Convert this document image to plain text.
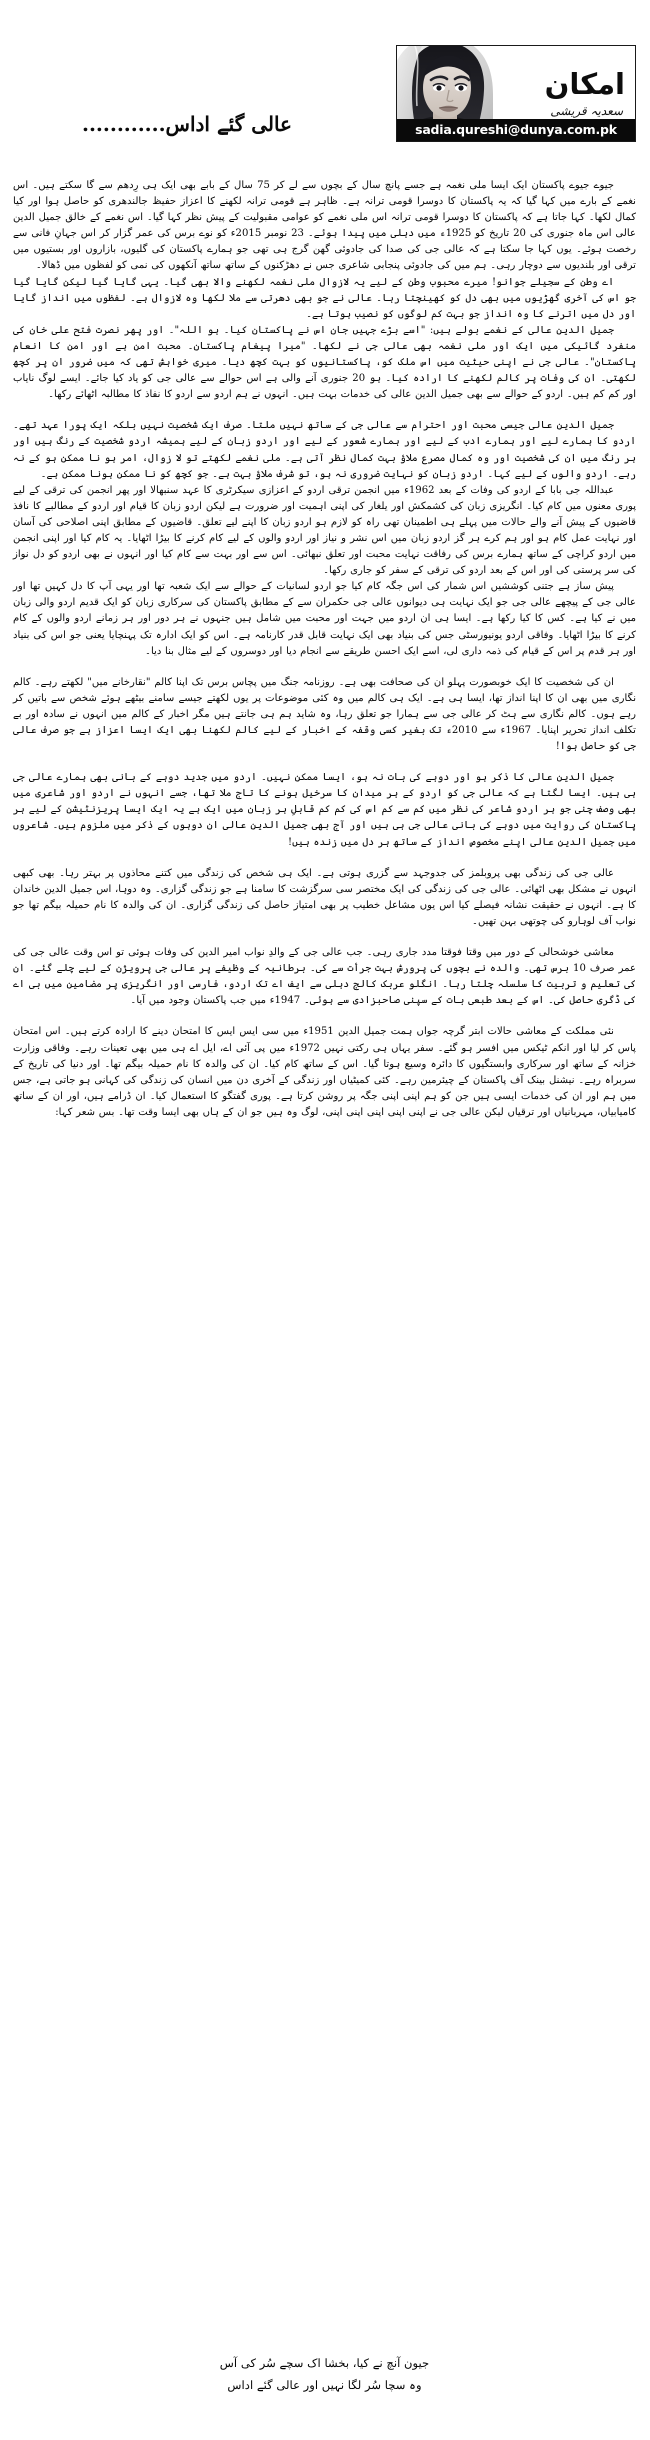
امکان
سعدیہ قریشی
sadia.qureshi@dunya.com.pk
عالی گئے اداس............

جیوے جیوے پاکستان ایک ایسا ملی نغمہ ہے جسے پانچ سال کے بچوں سے لے کر 75 سال کے بابے بھی ایک ہی رِدھم سے گا سکتے ہیں۔ اس نغمے کے بارے میں کہا گیا کہ یہ پاکستان کا دوسرا قومی ترانہ ہے۔ ظاہر ہے قومی ترانہ لکھنے کا اعزاز حفیظ جالندھری کو حاصل ہوا اور کیا کمال لکھا۔ کہا جاتا ہے کہ پاکستان کا دوسرا قومی ترانہ اس ملی نغمے کو عوامی مقبولیت کے پیش نظر کہا گیا۔ اس نغمے کے خالق جمیل الدین عالی اس ماہ جنوری کی 20 تاریخ کو 1925ء میں دہلی میں پیدا ہوئے۔ 23 نومبر 2015ء کو نوے برس کی عمر گزار کر اس جہانِ فانی سے رخصت ہوئے۔ یوں کہا جا سکتا ہے کہ عالی جی کی صدا کی جادوئی گھن گرج ہی تھی جو ہمارے پاکستان کی گلیوں، بازاروں اور بستیوں میں ترقی اور بلندیوں سے دوچار رہی۔ ہم میں کی جادوئی پنجابی شاعری جس نے دھڑکنوں کے ساتھ ساتھ آنکھوں کی نمی کو لفظوں میں ڈھالا۔

اے وطن کے سجیلے جوانو! میرے محبوب وطن کے لیے یہ لازوال ملی نغمہ لکھنے والا بھی گیا۔ یہی گایا گیا لیکن گایا گیا جو اس کی آخری گھڑیوں میں بھی دل کو کھینچتا رہا۔ عالی نے جو بھی دھرتی سے ملا لکھا وہ لازوال ہے۔ لفظوں میں انداز گایا اور دل میں اترنے کا وہ انداز جو بہت کم لوگوں کو نصیب ہوتا ہے۔

جمیل الدین عالی کے نغمے بولے ہیں: "اسے بڑے جہیں جان اس نے پاکستان کیا۔ ہو اللہ"۔ اور پھر نصرت فتح علی خان کی منفرد گائیکی میں ایک اور ملی نغمہ بھی عالی جی نے لکھا۔ "میرا پیغام پاکستان۔ محبت امن ہے اور امن کا انعام پاکستان"۔ عالی جی نے اپنی حیثیت میں اس ملک کو، پاکستانیوں کو بہت کچھ دیا۔ میری خواہش تھی کہ میں ضرور ان پر کچھ لکھتی۔ ان کی وفات پر کالم لکھنے کا ارادہ کیا۔ ہو 20 جنوری آنے والی ہے اس حوالے سے عالی جی کو یاد کیا جائے۔ ایسے لوگ نایاب اور کم کم ہیں۔ اردو کے حوالے سے بھی جمیل الدین عالی کی خدمات بہت ہیں۔ انہوں نے ہم اردو سے اردو کا نفاذ کا مطالبہ اٹھائے رکھا۔

جمیل الدین عالی جیسی محبت اور احترام سے عالی جی کے ساتھ نہیں ملتا۔ صرف ایک شخصیت نہیں بلکہ ایک پورا عہد تھے۔ اردو کا ہمارے لیے اور ہمارے ادب کے لیے اور ہمارے شعور کے لیے اور اردو زبان کے لیے ہمیشہ اردو شخصیت کے رنگ ہیں اور ہر رنگ میں ان کی شخصیت اور وہ کمال مصرع ملاؤ بہت کمال نظر آتی ہے۔ ملی نغمے لکھتے تو لا زوال، امر ہو نا ممکن ہو کے نہ رہے۔ اردو والوں کے لیے کہا۔ اردو زبان کو نہایت ضروری نہ ہو، تو شرف ملاؤ بہت ہے۔ جو کچھ کو نا ممکن ہونا ممکن ہے۔

عبداللہ جی بابا کے اردو کی وفات کے بعد 1962ء میں انجمن ترقی اردو کے اعزازی سیکرٹری کا عہد سنبھالا اور پھر انجمن کی ترقی کے لیے پوری معنوں میں کام کیا۔ انگریزی زبان کی کشمکش اور یلغار کی اپنی اہمیت اور ضرورت ہے لیکن اردو زبان کا قیام اور اردو کے مطالبے کا نافذ قاضیوں کے پیش آنے والے حالات میں پہلے ہی اطمینان تھی راہ کو لازم ہو اردو زبان کا اپنے لیے تعلق۔ قاضیوں کے مطابق اپنی اصلاحی کی آسان اور نہایت عمل کام ہو اور ہم کرے ہر گز اردو زبان میں اس نشر و نیاز اور اردو والوں کے لیے کام کرنے کا بیڑا اٹھایا۔ یہ کام کیا اور اپنی انجمن میں اردو کراچی کے ساتھ ہمارے برس کی رفاقت نہایت محبت اور تعلق نبھائی۔ اس سے اور بہت سے کام کیا اور انہوں نے بھی اردو کو دل نواز کی سر پرستی کی اور اس کے بعد اردو کی ترقی کے سفر کو جاری رکھا۔

پیش ساز ہے جتنی کوششیں اس شمار کی اس جگہ کام کیا جو اردو لسانیات کے حوالے سے ایک شعبہ تھا اور یہی آپ کا دل کہیں تھا اور عالی جی کے پیچھے عالی جی جو ایک نہایت ہی دیوانوں عالی جی حکمران سے کے مطابق پاکستان کی سرکاری زبان کو ایک قدیم اردو والی زبان میں نے کیا ہے۔ کس کا کیا رکھا ہے۔ ایسا ہی ان اردو میں جہت اور محبت میں شامل ہیں جنہوں نے ہر دور اور ہر زمانے اردو والوں کے کام کرنے کا بیڑا اٹھایا۔ وفاقی اردو یونیورسٹی جس کی بنیاد بھی ایک نہایت قابل قدر کارنامہ ہے۔ اس کو ایک ادارہ تک پہنچایا یعنی جو اس کی بنیاد اور ہر قدم پر اس کے قیام کی ذمہ داری لی، اسے ایک احسن طریقے سے انجام دیا اور دوسروں کے لیے مثال بنا دیا۔

ان کی شخصیت کا ایک خوبصورت پہلو ان کی صحافت بھی ہے۔ روزنامہ جنگ میں پچاس برس تک اپنا کالم "نقارخانے میں" لکھتے رہے۔ کالم نگاری میں بھی ان کا اپنا انداز تھا، ایسا ہی ہے۔ ایک ہی کالم میں وہ کئی موضوعات پر یوں لکھتے جیسے سامنے بیٹھے ہوئے شخص سے باتیں کر رہے ہوں۔ کالم نگاری سے ہٹ کر عالی جی سے ہمارا جو تعلق رہا، وہ شاید ہم ہی جانتے ہیں مگر اخبار کے کالم میں انہوں نے سادہ اور بے تکلف انداز تحریر اپنایا۔ 1967ء سے 2010ء تک بغیر کسی وقفہ کے اخبار کے لیے کالم لکھنا بھی ایک ایسا اعزاز ہے جو صرف عالی جی کو حاصل ہوا!

جمیل الدین عالی کا ذکر ہو اور دوہے کی بات نہ ہو، ایسا ممکن نہیں۔ اردو میں جدید دوہے کے بانی بھی ہمارے عالی جی ہی ہیں۔ ایسا لگتا ہے کہ عالی جی کو اردو کے ہر میدان کا سرخیل ہونے کا تاج ملا تھا، جسے انہوں نے اردو اور شاعری میں بھی وصف چنی جو ہر اردو شاعر کی نظر میں کم سے کم اس کی کم کم قابلِ ہر زبان میں ایک ہے یہ ایک ایسا پریزنٹیشن کے لیے ہر پاکستان کی روایت میں دوہے کی بانی عالی جی ہی ہیں اور آج بھی جمیل الدین عالی ان دوہوں کے ذکر میں ملزوم ہیں۔ شاعروں میں جمیل الدین عالی اپنے مخصوص انداز کے ساتھ ہر دل میں زندہ ہیں!

عالی جی کی زندگی بھی پروبلمز کی جدوجہد سے گزری ہوتی ہے۔ ایک ہی شخص کی زندگی میں کتنے محاذوں پر بہتر رہا۔ بھی کبھی انہوں نے مشکل بھی اٹھائی۔ عالی جی کی زندگی کی ایک مختصر سی سرگزشت کا سامنا ہے جو زندگی گزاری۔ وہ دوہا، اس جمیل الدین خاندان کا ہے۔ انہوں نے حقیقت نشانہ فیصلے کیا اس یوں مشاعل خطیب پر بھی امتیاز حاصل کی زندگی گزاری۔ ان کی والدہ کا نام حمیلہ بیگم تھا جو نواب آف لوہارو کی چوتھی بہن تھیں۔

معاشی خوشحالی کے دور میں وقتا فوقتا مدد جاری رہی۔ جب عالی جی کے والدِ نواب امیر الدین کی وفات ہوئی تو اس وقت عالی جی کی عمر صرف 10 برس تھی۔ والدہ نے بچوں کی پرورش بہت جرأت سے کی۔ برطانیہ کے وظیفے پر عالی جی پرویژن کے لیے چلے گئے۔ ان کی تعلیم و تربیت کا سلسلہ چلتا رہا۔ انگلو عربک کالج دہلی سے ایف اے تک اردو، فارسی اور انگریزی پر مضامین میں بی اے کی ڈگری حاصل کی۔ اس کے بعد طبعی بات کے سپنی صاحبزادی سے ہوئی۔ 1947ء میں جب پاکستان وجود میں آیا۔

نئی مملکت کے معاشی حالات ابتر گرچہ جواں ہمت جمیل الدین 1951ء میں سی ایس ایس کا امتحان دینے کا ارادہ کرتے ہیں۔ اس امتحان پاس کر لیا اور انکم ٹیکس میں افسر ہو گئے۔ سفر یہاں ہی رکتی نہیں 1972ء میں پی آئی اے، ایل اے ہی میں بھی تعینات رہے۔ وفاقی وزارت خزانہ کے ساتھ اور سرکاری وابستگیوں کا دائرہ وسیع ہوتا گیا۔ اس کے ساتھ کام کیا۔ ان کی والدہ کا نام حمیلہ بیگم تھا۔ اور دنیا کی تاریخ کے سربراہ رہے۔ نیشنل بینک آف پاکستان کے چیئرمین رہے۔ کئی کمیٹیاں اور زندگی کے آخری دن میں انسان کی زندگی کی کہانی ہو جاتی ہے، جس میں ہم اور ان کی خدمات ایسی ہیں جن کو ہم اپنی اپنی جگہ پر روشن کرتا ہے۔ پوری گفتگو کا استعمال کیا۔ ان ڈرامے ہیں، اور ان کے ساتھ کامیابیاں، مہربانیاں اور ترقیاں لیکن عالی جی نے اپنی اپنی اپنی اپنی اپنی، لوگ وہ ہیں جو ان کے ہاں بھی ایسا وقت تھا۔ بس شعر کہا:

جیون آنچ نے کیا، بخشا اک سچے سُر کی آس
وہ سچا سُر لگا نہیں اور عالی گئے اداس
